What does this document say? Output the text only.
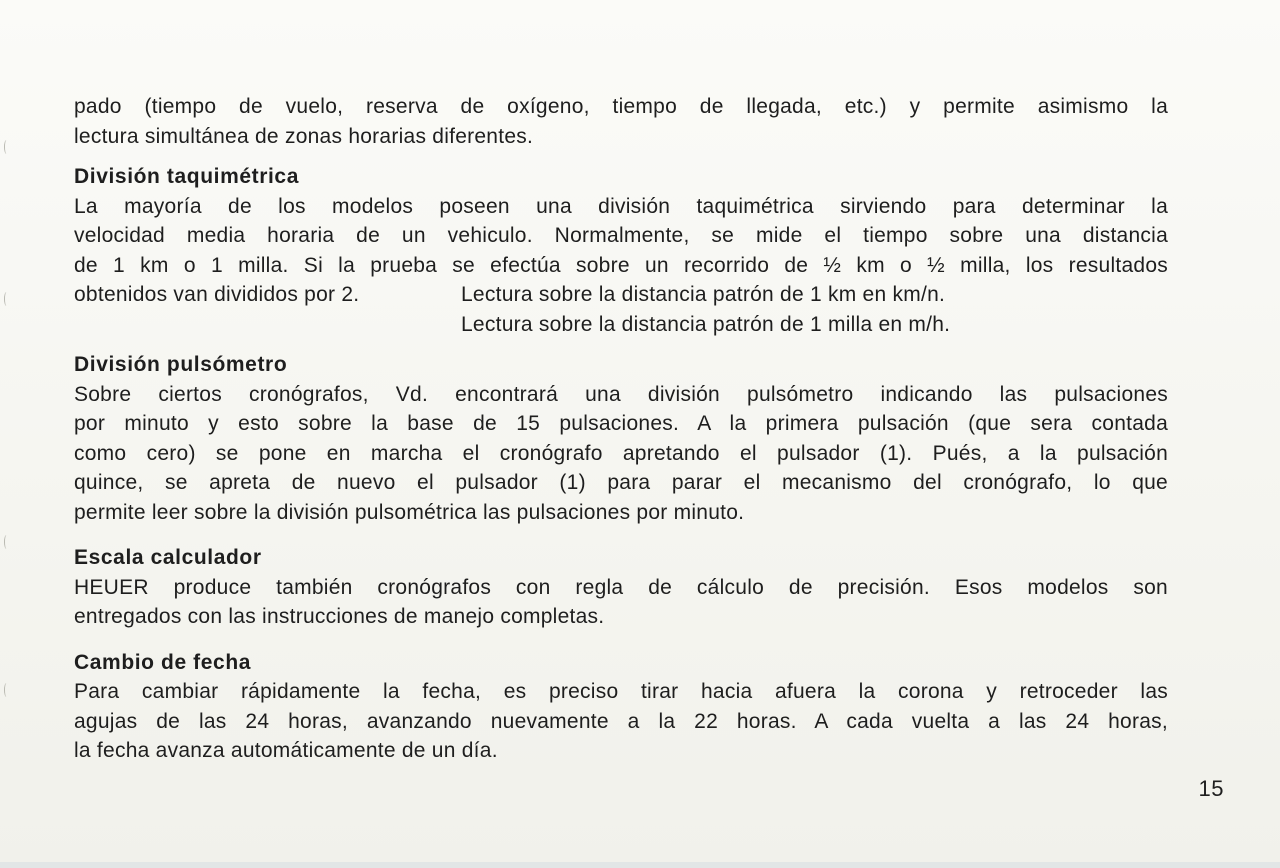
pado (tiempo de vuelo, reserva de oxígeno, tiempo de llegada, etc.) y permite asimismo la
lectura simultánea de zonas horarias diferentes.

División taquimétrica

La mayoría de los modelos poseen una división taquimétrica sirviendo para determinar la
velocidad media horaria de un vehiculo. Normalmente, se mide el tiempo sobre una distancia
de 1 km o 1 milla. Si la prueba se efectúa sobre un recorrido de ½ km o ½ milla, los resultados
obtenidos van divididos por 2.	Lectura sobre la distancia patrón de 1 km en km/n.
Lectura sobre la distancia patrón de 1 milla en m/h.

División pulsómetro

Sobre ciertos cronógrafos, Vd. encontrará una división pulsómetro indicando las pulsaciones
por minuto y esto sobre la base de 15 pulsaciones. A la primera pulsación (que sera contada
como cero) se pone en marcha el cronógrafo apretando el pulsador (1). Pués, a la pulsación
quince, se apreta de nuevo el pulsador (1) para parar el mecanismo del cronógrafo, lo que
permite leer sobre la división pulsométrica las pulsaciones por minuto.

Escala calculador

HEUER produce también cronógrafos con regla de cálculo de precisión. Esos modelos son
entregados con las instrucciones de manejo completas.

Cambio de fecha

Para cambiar rápidamente la fecha, es preciso tirar hacia afuera la corona y retroceder las
agujas de las 24 horas, avanzando nuevamente a la 22 horas. A cada vuelta a las 24 horas,
la fecha avanza automáticamente de un día.

15
